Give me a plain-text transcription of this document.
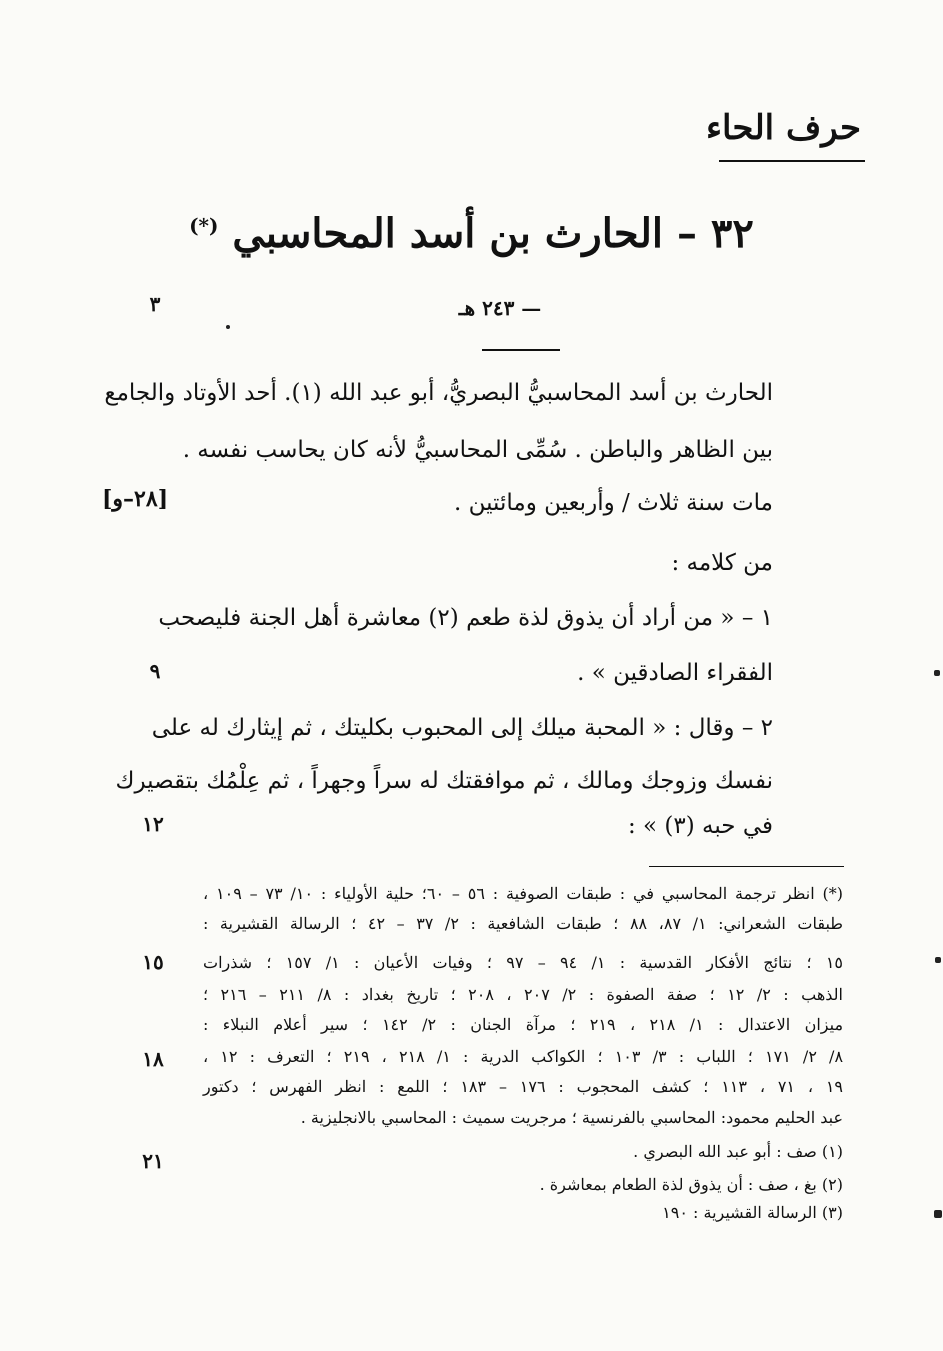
حرف الحاء
٣٢ – الحارث بن أسد المحاسبي (*)
— ٢٤٣ هـ
٣
٩
١٢
١٥
١٨
٢١
[٢٨–و]
الحارث بن أسد المحاسبيُّ البصريُّ، أبو عبد الله (١). أحد الأوتاد والجامع
بين الظاهر والباطن . سُمِّى المحاسبيُّ لأنه كان يحاسب نفسه .
مات سنة ثلاث / وأربعين ومائتين .
من كلامه :
١ – « من أراد أن يذوق لذة طعم (٢) معاشرة أهل الجنة فليصحب
الفقراء الصادقين » .
٢ – وقال : « المحبة ميلك إلى المحبوب بكليتك ، ثم إيثارك له على
نفسك وزوجك ومالك ، ثم موافقتك له سراً وجهراً ، ثم عِلْمُك بتقصيرك
في حبه (٣) » :
(*) انظر ترجمة المحاسبي في : طبقات الصوفية : ٥٦ – ٦٠؛ حلية الأولياء : ١٠/ ٧٣ – ١٠٩ ،
طبقات الشعراني: ١/ ٨٧، ٨٨ ؛ طبقات الشافعية : ٢/ ٣٧ – ٤٢ ؛ الرسالة القشيرية :
١٥ ؛ نتائج الأفكار القدسية : ١/ ٩٤ – ٩٧ ؛ وفيات الأعيان : ١/ ١٥٧ ؛ شذرات
الذهب : ٢/ ١٢ ؛ صفة الصفوة : ٢/ ٢٠٧ ، ٢٠٨ ؛ تاريخ بغداد : ٨/ ٢١١ – ٢١٦ ؛
ميزان الاعتدال : ١/ ٢١٨ ، ٢١٩ ؛ مرآة الجنان : ٢/ ١٤٢ ؛ سير أعلام النبلاء :
٨/ ٢/ ١٧١ ؛ اللباب : ٣/ ١٠٣ ؛ الكواكب الدرية : ١/ ٢١٨ ، ٢١٩ ؛ التعرف : ١٢ ،
١٩ ، ٧١ ، ١١٣ ؛ كشف المحجوب : ١٧٦ – ١٨٣ ؛ اللمع : انظر الفهرس ؛ دكتور
عبد الحليم محمود: المحاسبي بالفرنسية ؛ مرجريت سميث : المحاسبي بالانجليزية .
(١) صف : أبو عبد الله البصري .
(٢) بغ ، صف : أن يذوق لذة الطعام بمعاشرة .
(٣) الرسالة القشيرية : ١٩٠
